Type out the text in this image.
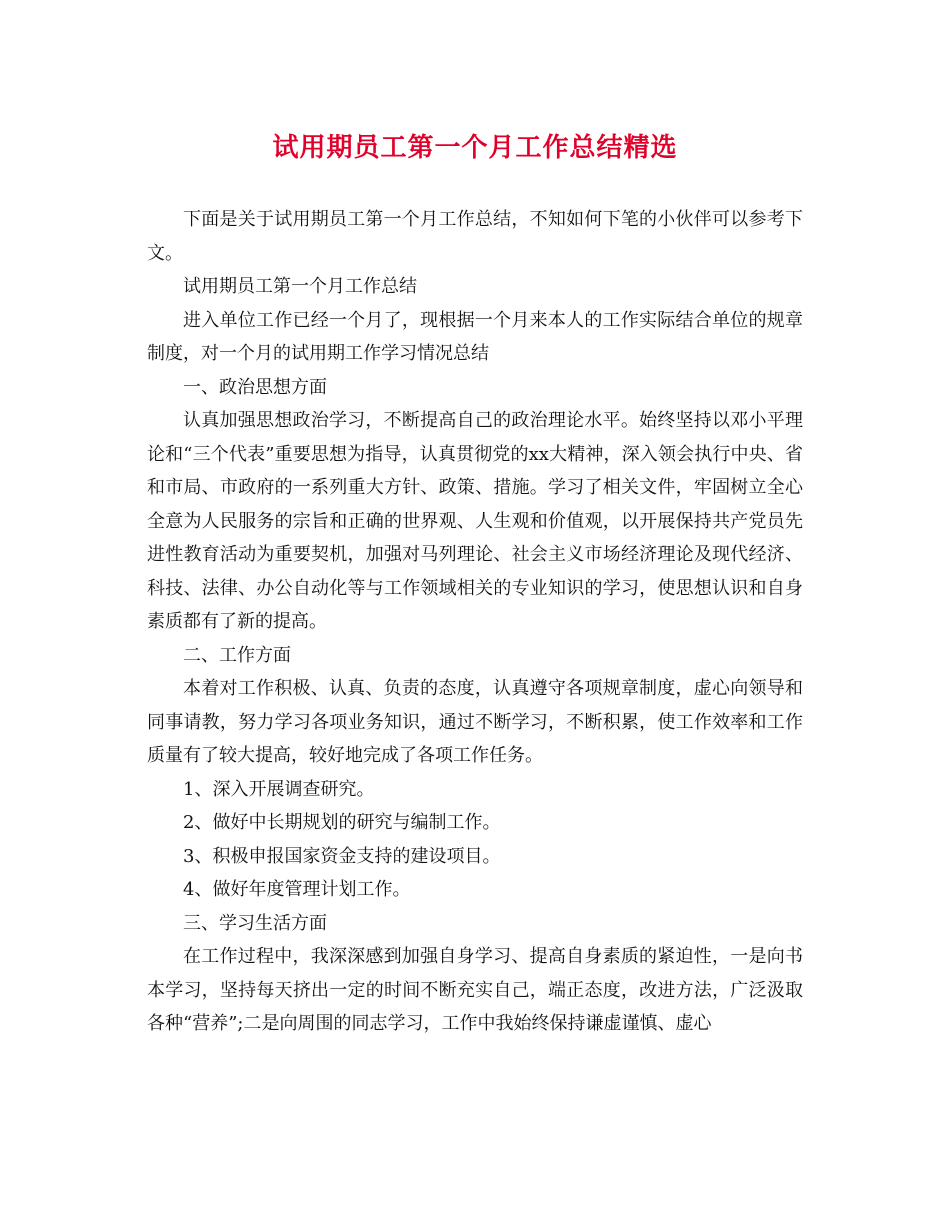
试用期员工第一个月工作总结精选

下面是关于试用期员工第一个月工作总结，不知如何下笔的小伙伴可以参考下文。

试用期员工第一个月工作总结

进入单位工作已经一个月了，现根据一个月来本人的工作实际结合单位的规章制度，对一个月的试用期工作学习情况总结

一、政治思想方面

认真加强思想政治学习，不断提高自己的政治理论水平。始终坚持以邓小平理论和“三个代表”重要思想为指导，认真贯彻党的xx大精神，深入领会执行中央、省和市局、市政府的一系列重大方针、政策、措施。学习了相关文件，牢固树立全心全意为人民服务的宗旨和正确的世界观、人生观和价值观，以开展保持共产党员先进性教育活动为重要契机，加强对马列理论、社会主义市场经济理论及现代经济、科技、法律、办公自动化等与工作领域相关的专业知识的学习，使思想认识和自身素质都有了新的提高。

二、工作方面

本着对工作积极、认真、负责的态度，认真遵守各项规章制度，虚心向领导和同事请教，努力学习各项业务知识，通过不断学习，不断积累，使工作效率和工作质量有了较大提高，较好地完成了各项工作任务。

1、深入开展调查研究。

2、做好中长期规划的研究与编制工作。

3、积极申报国家资金支持的建设项目。

4、做好年度管理计划工作。

三、学习生活方面

在工作过程中，我深深感到加强自身学习、提高自身素质的紧迫性，一是向书本学习，坚持每天挤出一定的时间不断充实自己，端正态度，改进方法，广泛汲取各种“营养”;二是向周围的同志学习，工作中我始终保持谦虚谨慎、虚心
